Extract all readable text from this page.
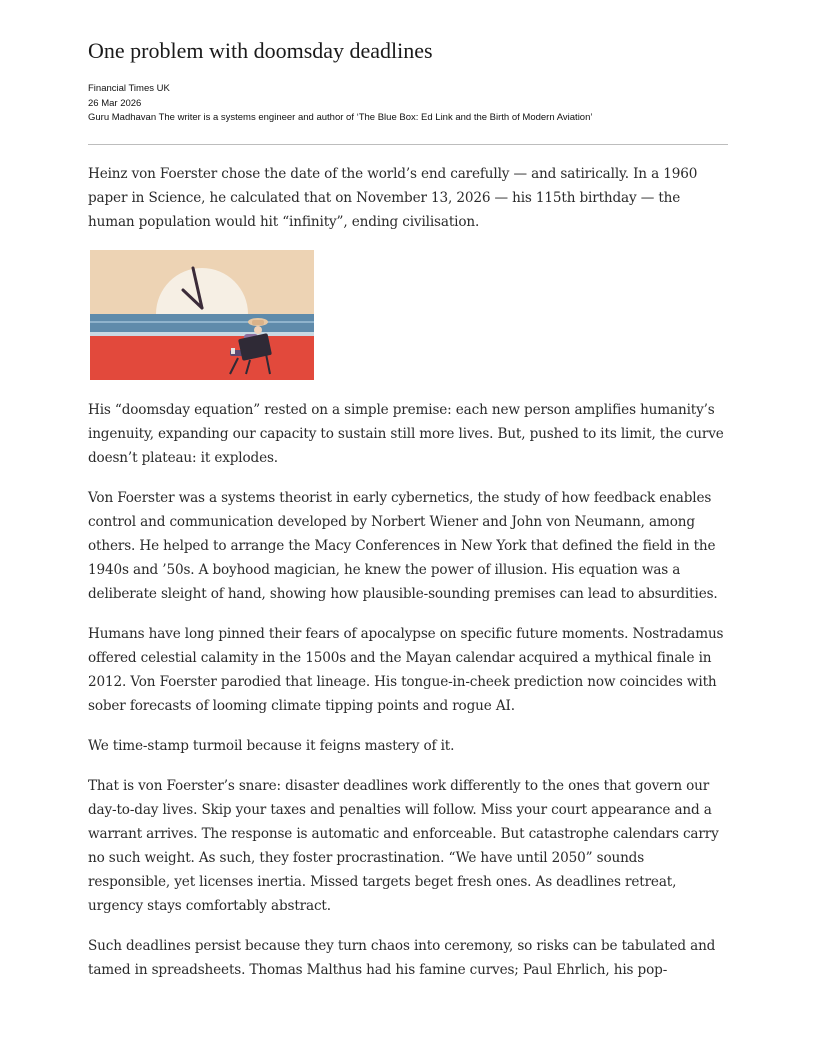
One problem with doomsday deadlines
Financial Times UK
26 Mar 2026
Guru Madhavan The writer is a systems engineer and author of ‘The Blue Box: Ed Link and the Birth of Modern Aviation’

Heinz von Foerster chose the date of the world’s end carefully — and satirically. In a 1960 paper in Science, he calculated that on November 13, 2026 — his 115th birthday — the human population would hit “infinity”, ending civilisation.

His “doomsday equation” rested on a simple premise: each new person amplifies humanity’s ingenuity, expanding our capacity to sustain still more lives. But, pushed to its limit, the curve doesn’t plateau: it explodes.

Von Foerster was a systems theorist in early cybernetics, the study of how feedback enables control and communication developed by Norbert Wiener and John von Neumann, among others. He helped to arrange the Macy Conferences in New York that defined the field in the 1940s and ’50s. A boyhood magician, he knew the power of illusion. His equation was a deliberate sleight of hand, showing how plausible-sounding premises can lead to absurdities.

Humans have long pinned their fears of apocalypse on specific future moments. Nostradamus offered celestial calamity in the 1500s and the Mayan calendar acquired a mythical finale in 2012. Von Foerster parodied that lineage. His tongue-in-cheek prediction now coincides with sober forecasts of looming climate tipping points and rogue AI.

We time-stamp turmoil because it feigns mastery of it.

That is von Foerster’s snare: disaster deadlines work differently to the ones that govern our day-to-day lives. Skip your taxes and penalties will follow. Miss your court appearance and a warrant arrives. The response is automatic and enforceable. But catastrophe calendars carry no such weight. As such, they foster procrastination. “We have until 2050” sounds responsible, yet licenses inertia. Missed targets beget fresh ones. As deadlines retreat, urgency stays comfortably abstract.

Such deadlines persist because they turn chaos into ceremony, so risks can be tabulated and tamed in spreadsheets. Thomas Malthus had his famine curves; Paul Ehrlich, his pop-
